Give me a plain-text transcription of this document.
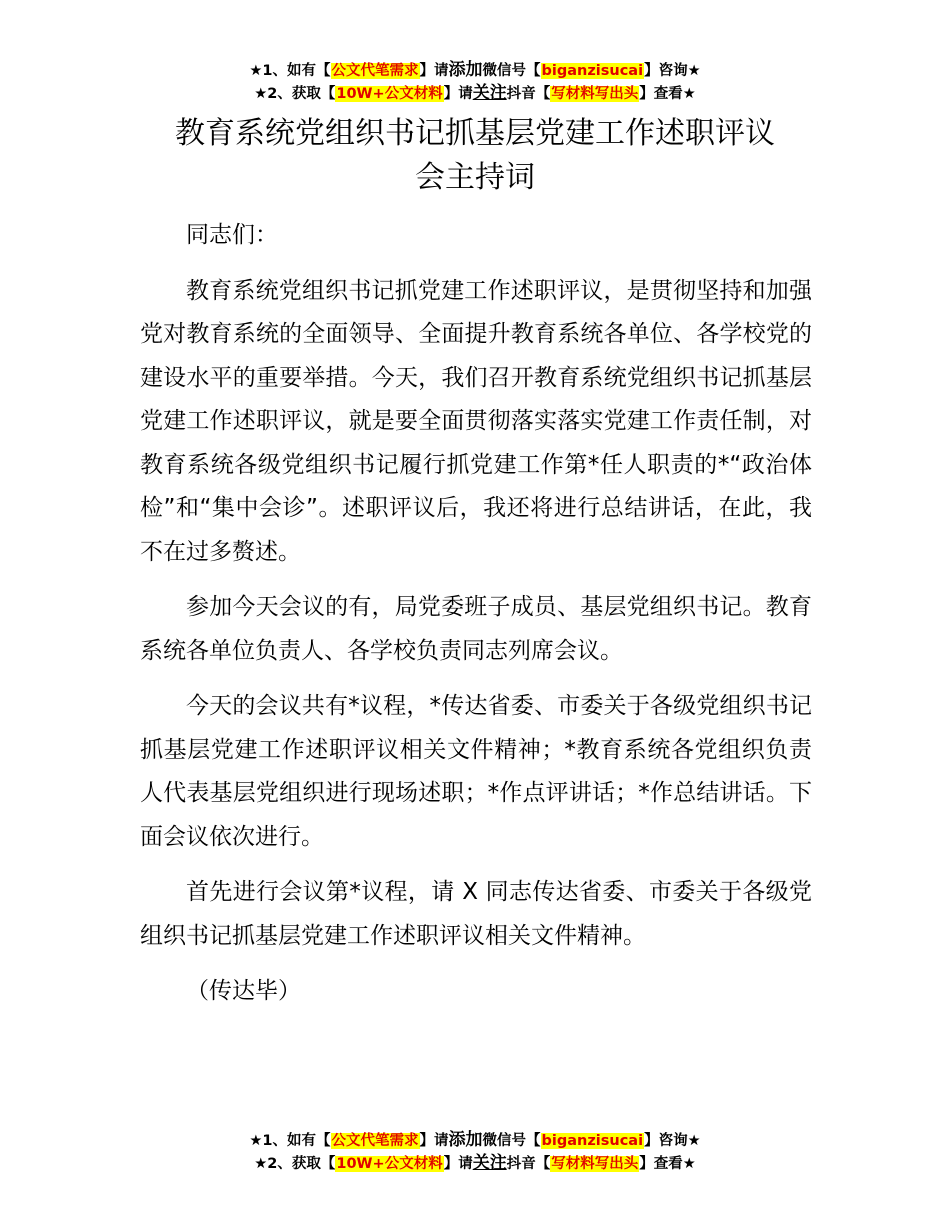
★1、如有【公文代笔需求】请添加微信号【biganzisucai】咨询★
★2、获取【10W+公文材料】请关注抖音【写材料写出头】查看★
教育系统党组织书记抓基层党建工作述职评议
会主持词

同志们：

教育系统党组织书记抓党建工作述职评议，是贯彻坚持和加强党对教育系统的全面领导、全面提升教育系统各单位、各学校党的建设水平的重要举措。今天，我们召开教育系统党组织书记抓基层党建工作述职评议，就是要全面贯彻落实落实党建工作责任制，对教育系统各级党组织书记履行抓党建工作第*任人职责的*“政治体检”和“集中会诊”。述职评议后，我还将进行总结讲话，在此，我不在过多赘述。

参加今天会议的有，局党委班子成员、基层党组织书记。教育系统各单位负责人、各学校负责同志列席会议。

今天的会议共有*议程，*传达省委、市委关于各级党组织书记抓基层党建工作述职评议相关文件精神；*教育系统各党组织负责人代表基层党组织进行现场述职；*作点评讲话；*作总结讲话。下面会议依次进行。

首先进行会议第*议程，请 X 同志传达省委、市委关于各级党组织书记抓基层党建工作述职评议相关文件精神。

（传达毕）

★1、如有【公文代笔需求】请添加微信号【biganzisucai】咨询★
★2、获取【10W+公文材料】请关注抖音【写材料写出头】查看★
